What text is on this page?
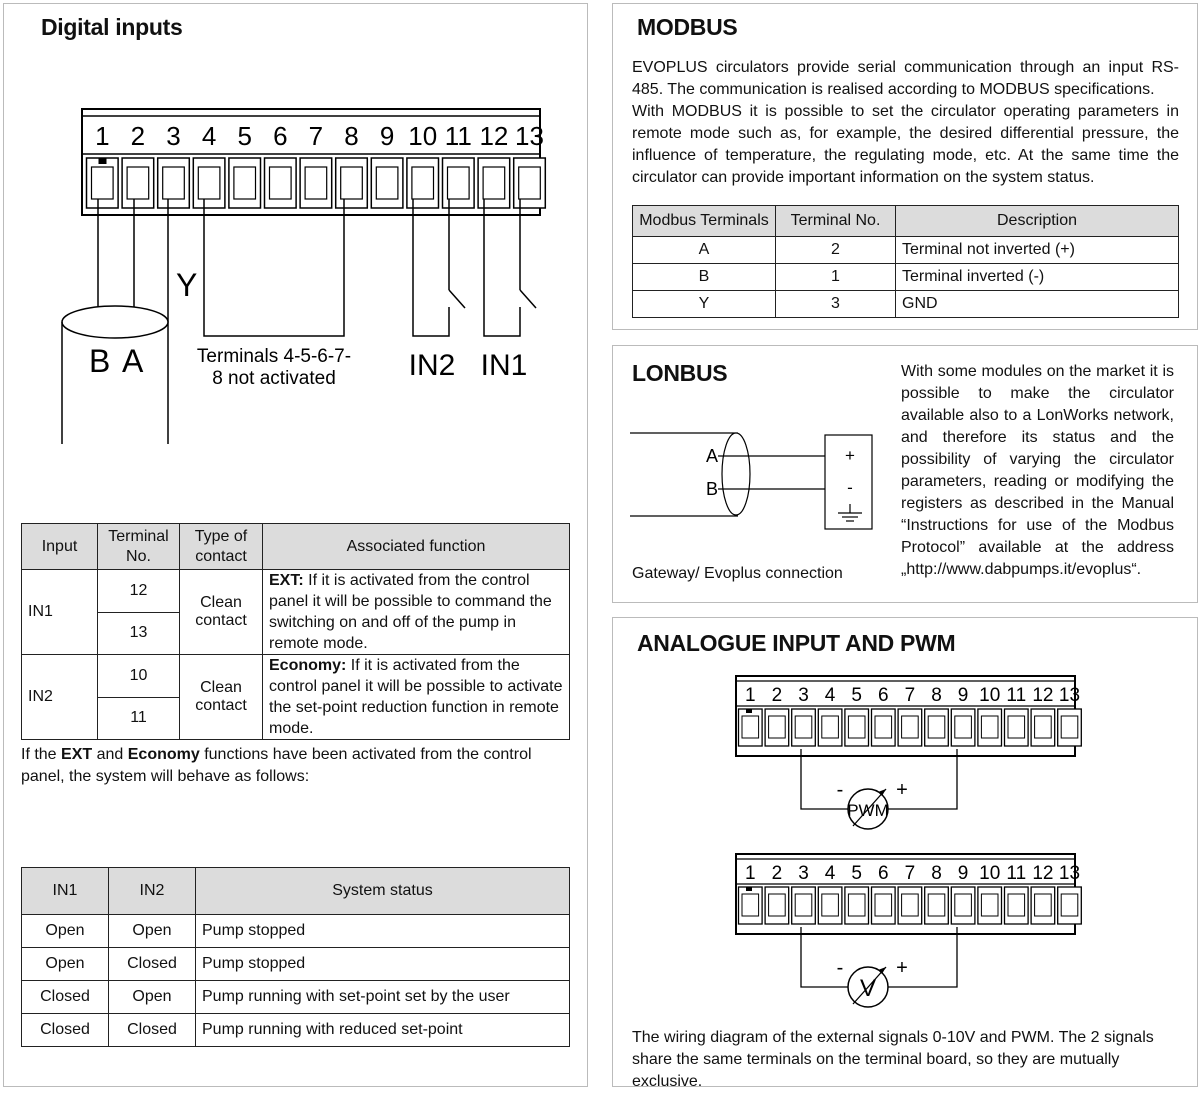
Digital inputs
1 2 3 4 5 6 7 8 9 10 11 12 13
B A
Y
Terminals 4-5-6-7-
8 not activated IN2 IN1
Input	Terminal No.	Type of contact	Associated function
IN1	12	Clean contact	EXT: If it is activated from the control panel it will be possible to command the switching on and off of the pump in remote mode.
	13		
IN2	10	Clean contact	Economy: If it is activated from the control panel it will be possible to activate the set-point reduction function in remote mode.
	11		
If the EXT and Economy functions have been activated from the control panel, the system will behave as follows:
IN1	IN2	System status
Open	Open	Pump stopped
Open	Closed	Pump stopped
Closed	Open	Pump running with set-point set by the user
Closed	Closed	Pump running with reduced set-point
MODBUS

EVOPLUS circulators provide serial communication through an input RS-485. The communication is realised according to MODBUS specifications.

With MODBUS it is possible to set the circulator operating parameters in remote mode such as, for example, the desired differential pressure, the influence of temperature, the regulating mode, etc. At the same time the circulator can provide important information on the system status.

Modbus Terminals	Terminal No.	Description
A	2	Terminal not inverted (+)
B	1	Terminal inverted (-)
Y	3	GND
LONBUS
A
B
+
-
Gateway/ Evoplus connection
With some modules on the market it is possible to make the circulator available also to a LonWorks network, and therefore its status and the possibility of varying the circulator parameters, reading or modifying the registers as described in the Manual “Instructions for use of the Modbus Protocol” available at the address „http://www.dabpumps.it/evoplus“.
ANALOGUE INPUT AND PWM
1 2 3 4 5 6 7 8 9 10 11 12 13
PWM
-	+
1 2 3 4 5 6 7 8 9 10 11 12 13
V
-	+
The wiring diagram of the external signals 0-10V and PWM. The 2 signals share the same terminals on the terminal board, so they are mutually exclusive.
